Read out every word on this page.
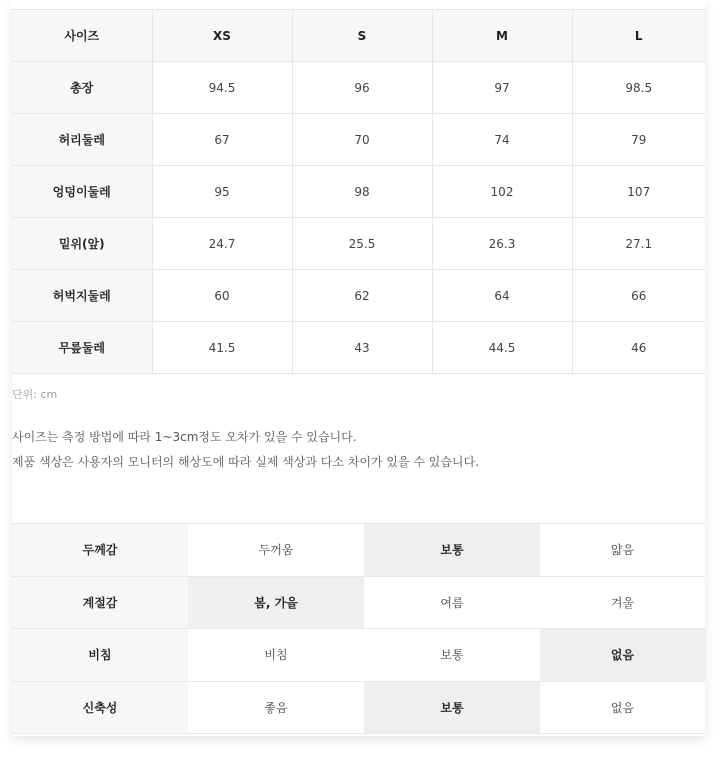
사이즈	XS	S	M	L
총장	94.5	96	97	98.5
허리둘레	67	70	74	79
엉덩이둘레	95	98	102	107
밑위(앞)	24.7	25.5	26.3	27.1
허벅지둘레	60	62	64	66
무릎둘레	41.5	43	44.5	46
단위: cm
사이즈는 측정 방법에 따라 1~3cm정도 오차가 있을 수 있습니다.
제품 색상은 사용자의 모니터의 해상도에 따라 실제 색상과 다소 차이가 있을 수 있습니다.
두께감	두꺼움	보통	얇음
계절감	봄, 가을	여름	겨울
비침	비침	보통	없음
신축성	좋음	보통	없음
